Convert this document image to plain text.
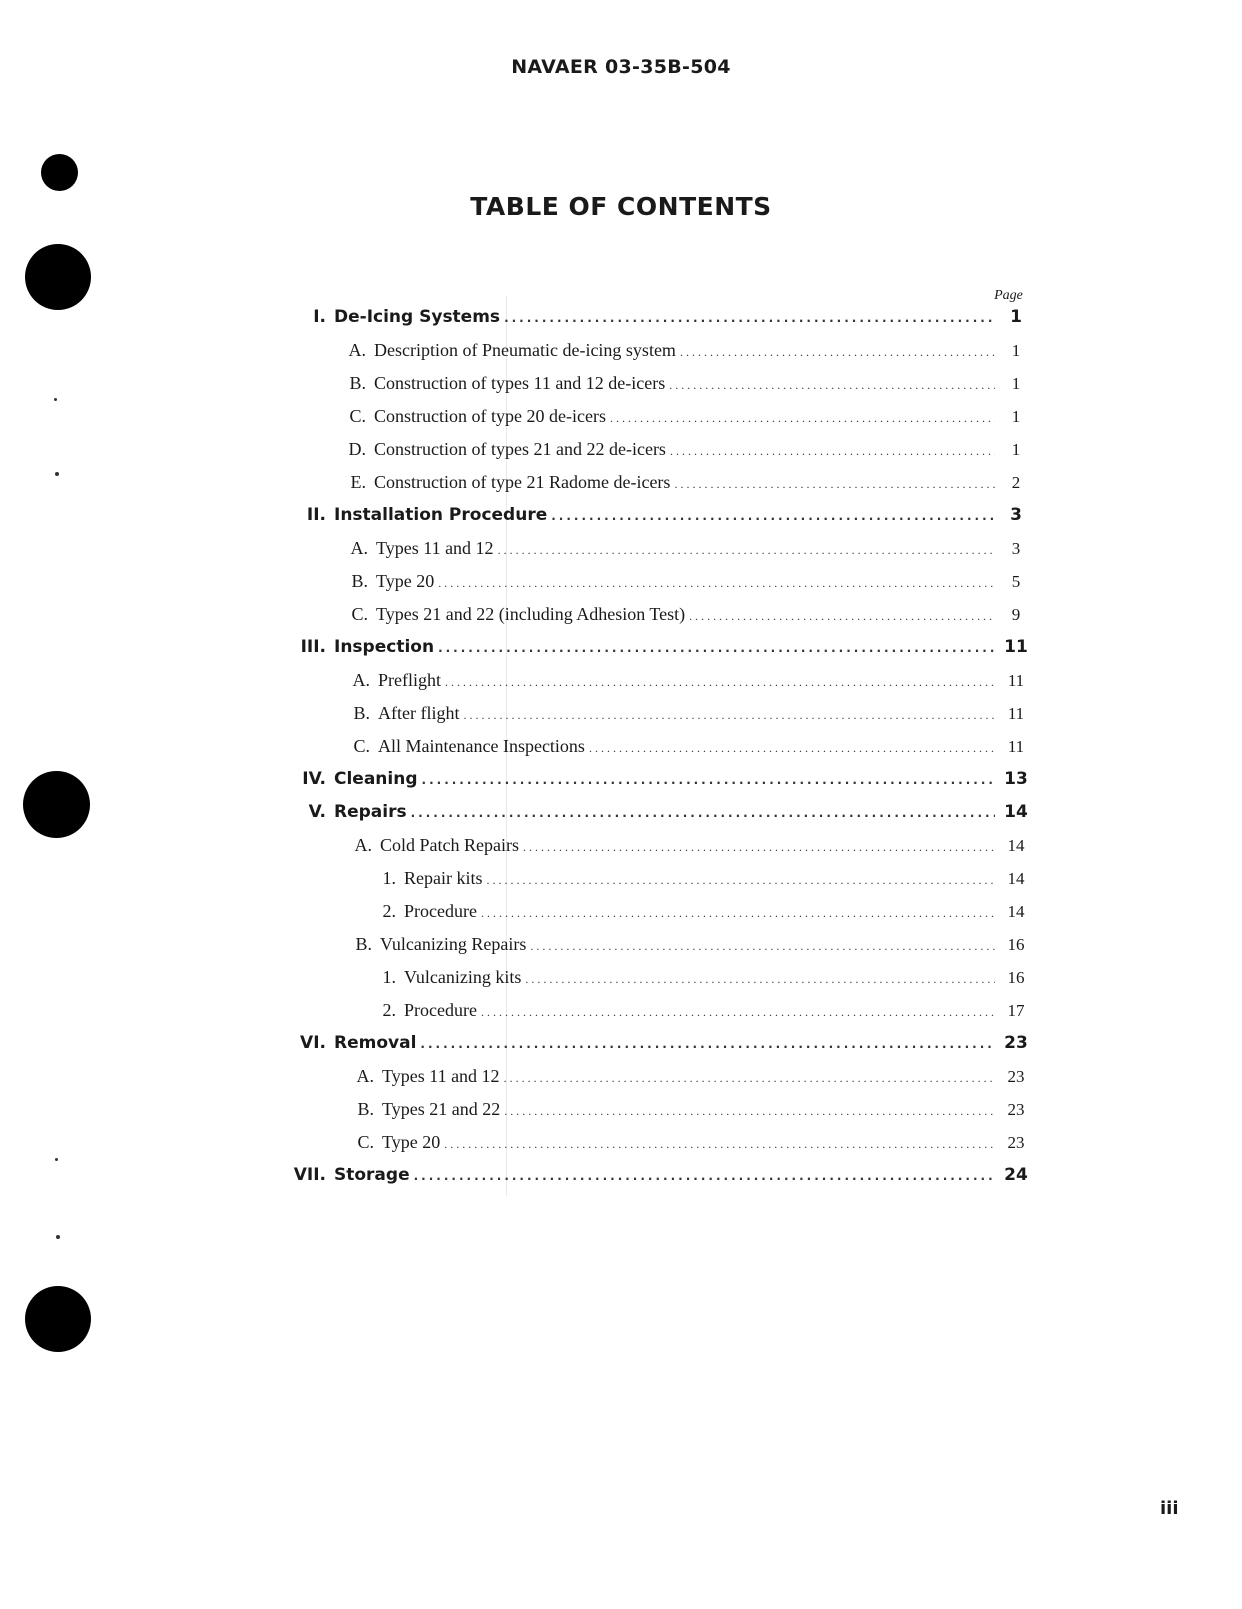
NAVAER 03-35B-504
TABLE OF CONTENTS
Page
I. De-Icing Systems .....	1
A. Description of Pneumatic de-icing system .....	1
B. Construction of types 11 and 12 de-icers .....	1
C. Construction of type 20 de-icers .....	1
D. Construction of types 21 and 22 de-icers .....	1
E. Construction of type 21 Radome de-icers .....	2
II. Installation Procedure .....	3
A. Types 11 and 12 .....	3
B. Type 20 .....	5
C. Types 21 and 22 (including Adhesion Test) .....	9
III. Inspection .....	11
A. Preflight .....	11
B. After flight .....	11
C. All Maintenance Inspections .....	11
IV. Cleaning .....	13
V. Repairs .....	14
A. Cold Patch Repairs .....	14
1. Repair kits .....	14
2. Procedure .....	14
B. Vulcanizing Repairs .....	16
1. Vulcanizing kits .....	16
2. Procedure .....	17
VI. Removal .....	23
A. Types 11 and 12 .....	23
B. Types 21 and 22 .....	23
C. Type 20 .....	23
VII. Storage .....	24
iii
